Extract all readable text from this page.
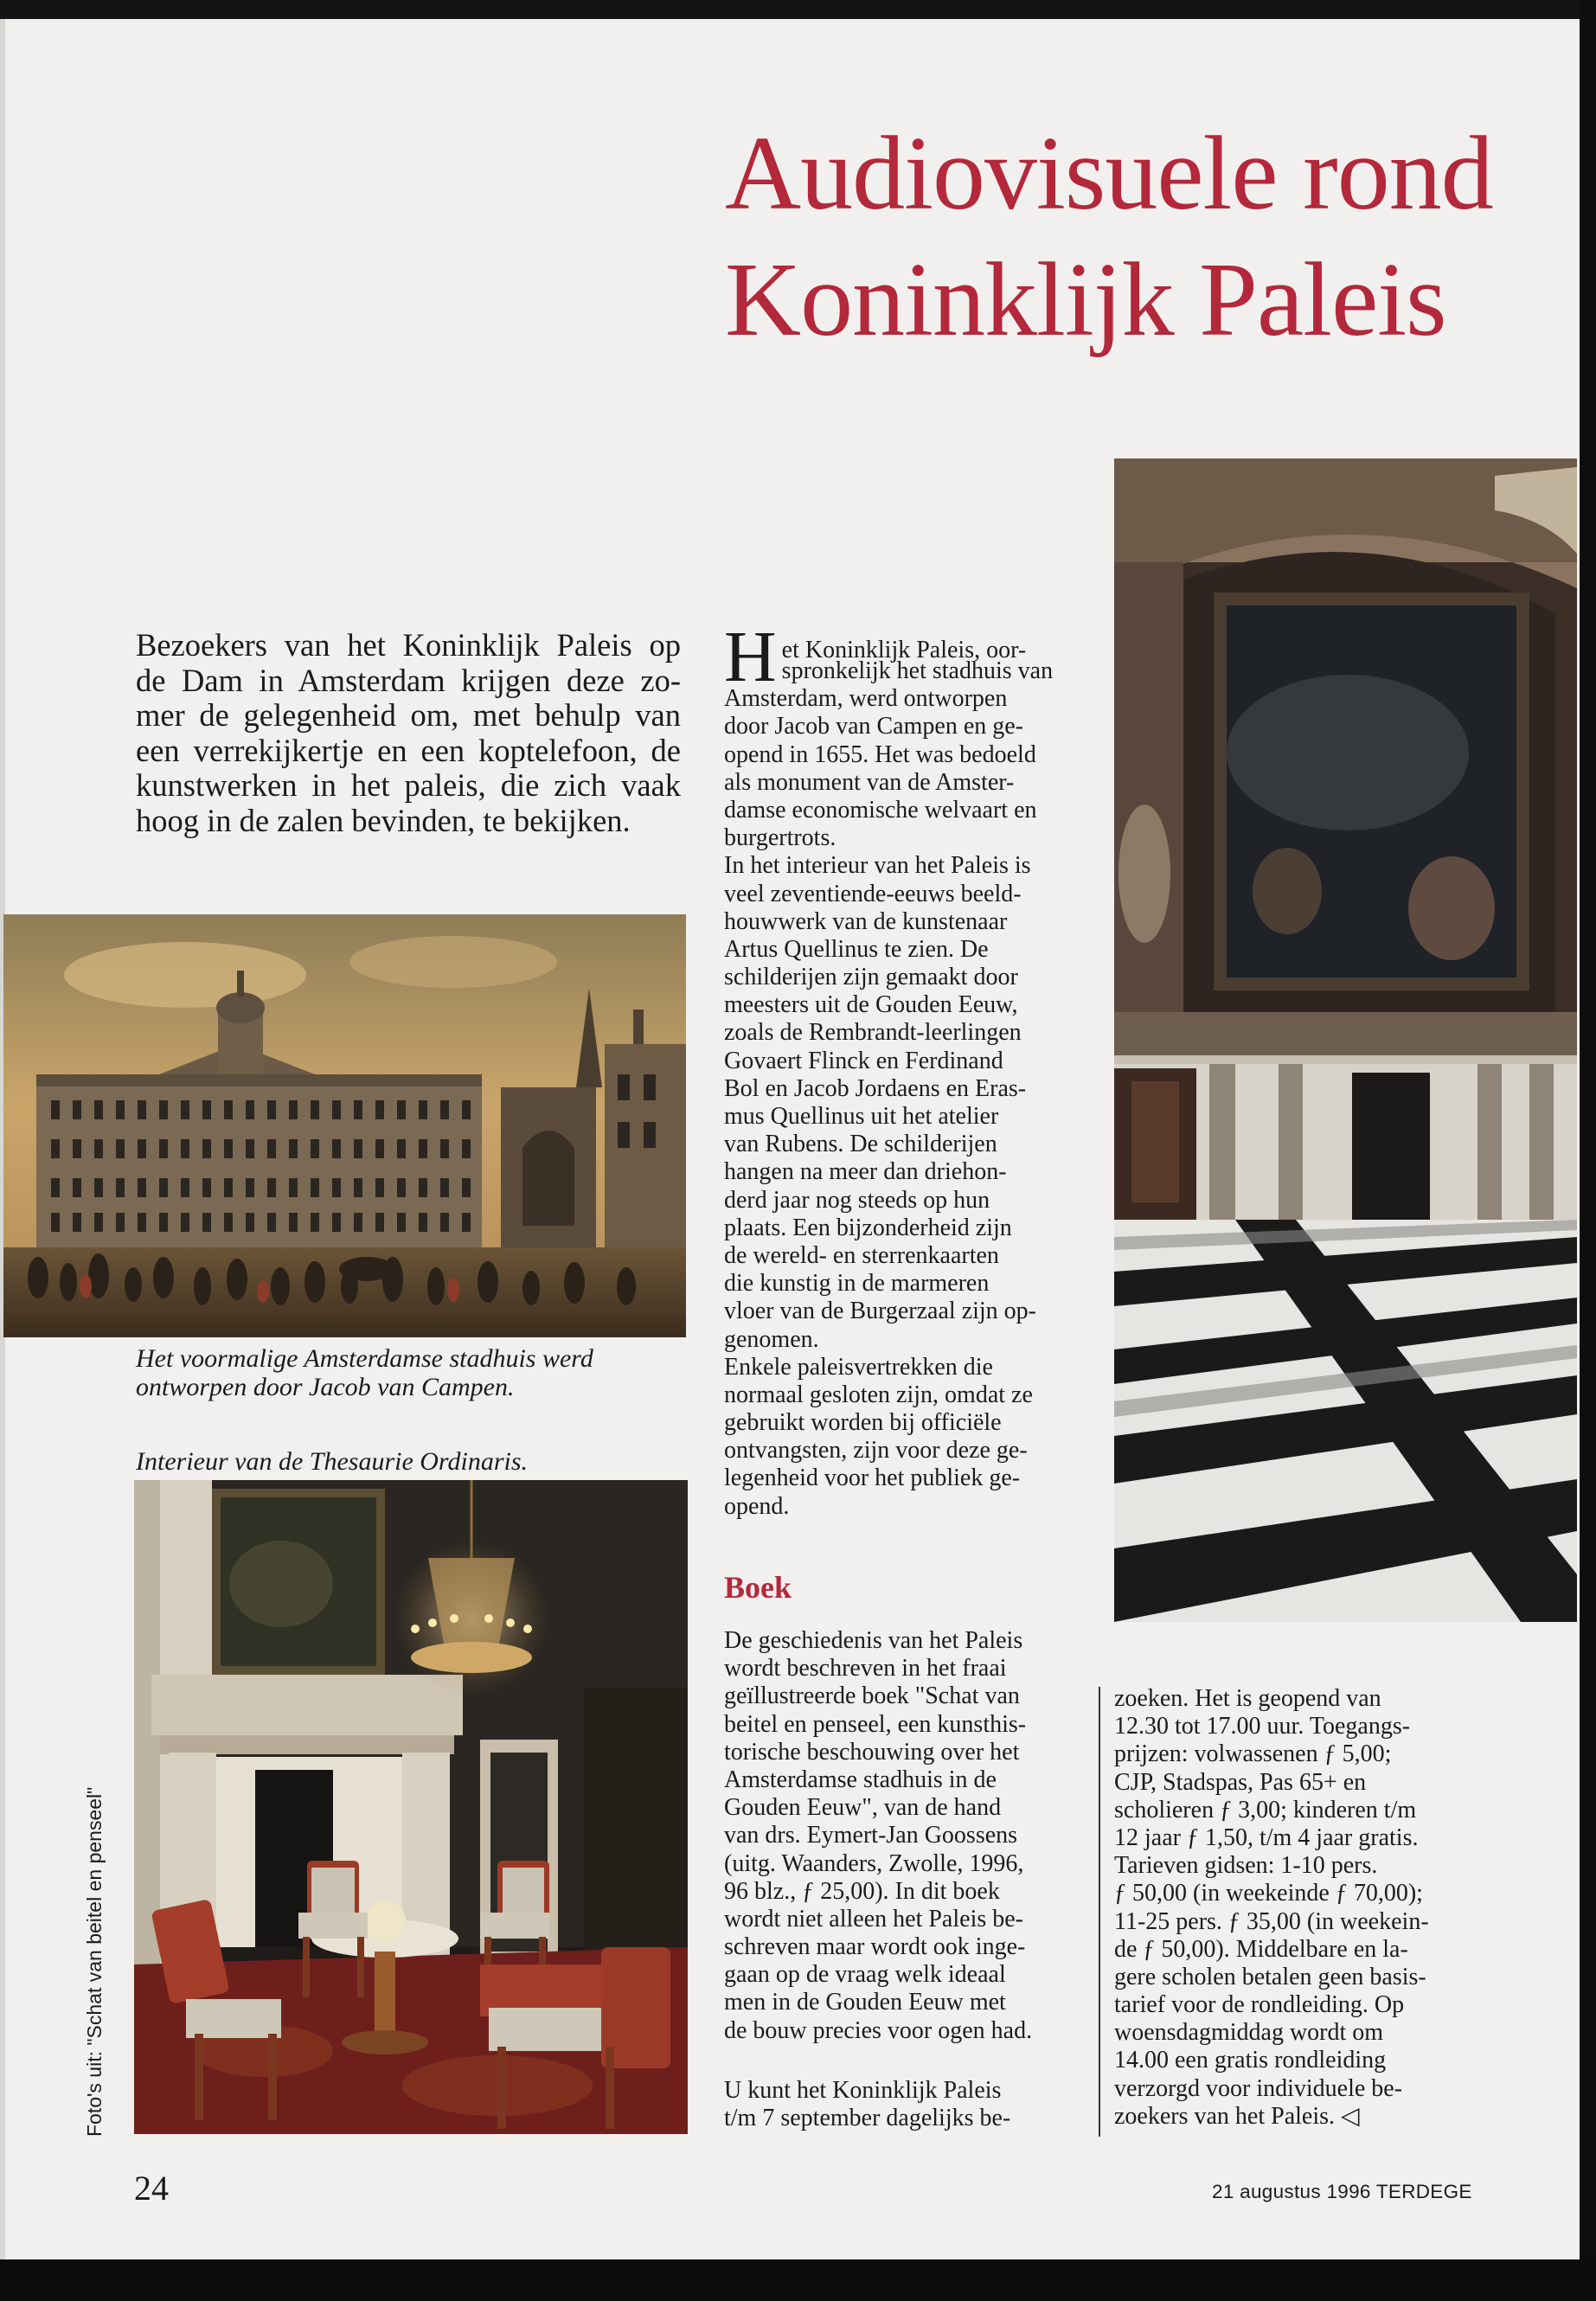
Audiovisuele rond
Koninklijk Paleis
Bezoekers van het Koninklijk Paleis op
de Dam in Amsterdam krijgen deze zo-
mer de gelegenheid om, met behulp van
een verrekijkertje en een koptelefoon, de
kunstwerken in het paleis, die zich vaak
hoog in de zalen bevinden, te bekijken.
Het voormalige Amsterdamse stadhuis werd
ontworpen door Jacob van Campen.
Interieur van de Thesaurie Ordinaris.
H et Koninklijk Paleis, oor-
spronkelijk het stadhuis van
Amsterdam, werd ontworpen
door Jacob van Campen en ge-
opend in 1655. Het was bedoeld
als monument van de Amster-
damse economische welvaart en
burgertrots.
In het interieur van het Paleis is
veel zeventiende-eeuws beeld-
houwwerk van de kunstenaar
Artus Quellinus te zien. De
schilderijen zijn gemaakt door
meesters uit de Gouden Eeuw,
zoals de Rembrandt-leerlingen
Govaert Flinck en Ferdinand
Bol en Jacob Jordaens en Eras-
mus Quellinus uit het atelier
van Rubens. De schilderijen
hangen na meer dan driehon-
derd jaar nog steeds op hun
plaats. Een bijzonderheid zijn
de wereld- en sterrenkaarten
die kunstig in de marmeren
vloer van de Burgerzaal zijn op-
genomen.
Enkele paleisvertrekken die
normaal gesloten zijn, omdat ze
gebruikt worden bij officiële
ontvangsten, zijn voor deze ge-
legenheid voor het publiek ge-
opend.
Boek
De geschiedenis van het Paleis
wordt beschreven in het fraai
geïllustreerde boek "Schat van
beitel en penseel, een kunsthis-
torische beschouwing over het
Amsterdamse stadhuis in de
Gouden Eeuw", van de hand
van drs. Eymert-Jan Goossens
(uitg. Waanders, Zwolle, 1996,
96 blz., ƒ 25,00). In dit boek
wordt niet alleen het Paleis be-
schreven maar wordt ook inge-
gaan op de vraag welk ideaal
men in de Gouden Eeuw met
de bouw precies voor ogen had.
U kunt het Koninklijk Paleis
t/m 7 september dagelijks be-
zoeken. Het is geopend van
12.30 tot 17.00 uur. Toegangs-
prijzen: volwassenen ƒ 5,00;
CJP, Stadspas, Pas 65+ en
scholieren ƒ 3,00; kinderen t/m
12 jaar ƒ 1,50, t/m 4 jaar gratis.
Tarieven gidsen: 1-10 pers.
ƒ 50,00 (in weekeinde ƒ 70,00);
11-25 pers. ƒ 35,00 (in weekein-
de ƒ 50,00). Middelbare en la-
gere scholen betalen geen basis-
tarief voor de rondleiding. Op
woensdagmiddag wordt om
14.00 een gratis rondleiding
verzorgd voor individuele be-
zoekers van het Paleis. ◁
Foto's uit: "Schat van beitel en penseel"
24	21 augustus 1996 TERDEGE
